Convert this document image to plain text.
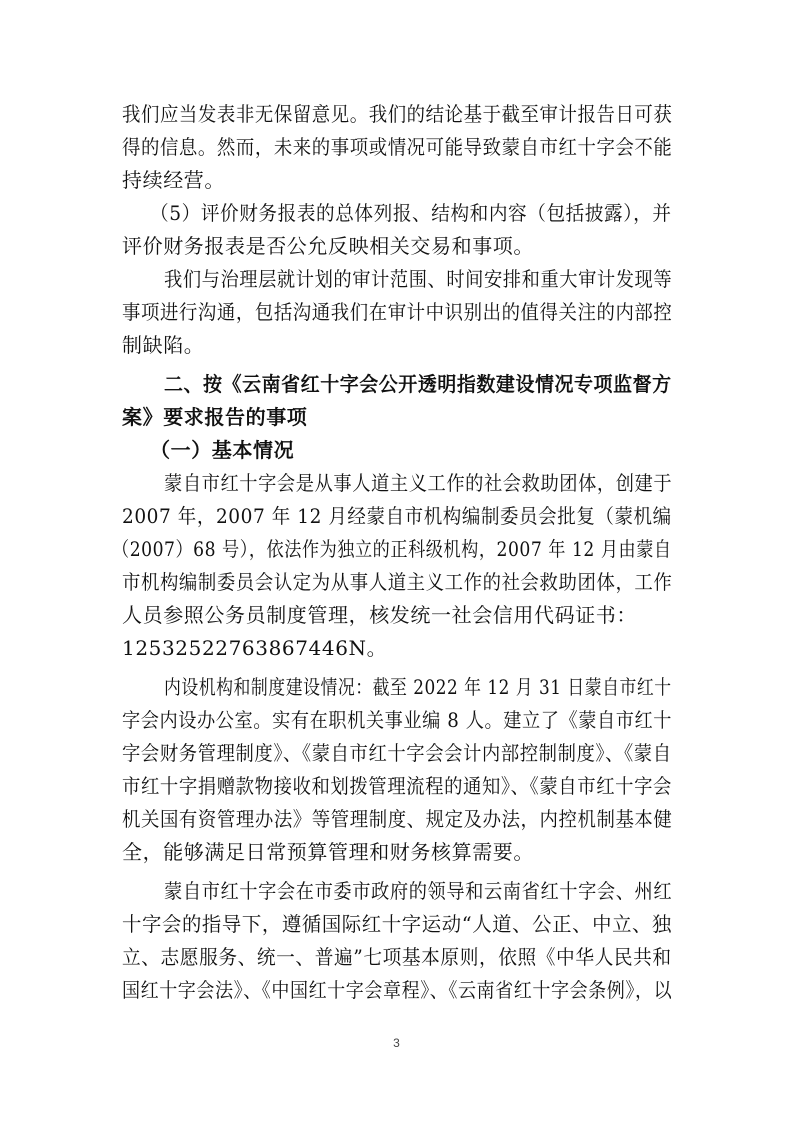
我们应当发表非无保留意见。我们的结论基于截至审计报告日可获
得的信息。然而，未来的事项或情况可能导致蒙自市红十字会不能
持续经营。
（5）评价财务报表的总体列报、结构和内容（包括披露），并
评价财务报表是否公允反映相关交易和事项。
我们与治理层就计划的审计范围、时间安排和重大审计发现等
事项进行沟通，包括沟通我们在审计中识别出的值得关注的内部控
制缺陷。
二、按《云南省红十字会公开透明指数建设情况专项监督方
案》要求报告的事项
（一）基本情况
蒙自市红十字会是从事人道主义工作的社会救助团体，创建于
2007 年，2007 年 12 月经蒙自市机构编制委员会批复（蒙机编
（2007）68 号），依法作为独立的正科级机构，2007 年 12 月由蒙自
市机构编制委员会认定为从事人道主义工作的社会救助团体，工作
人员参照公务员制度管理，核发统一社会信用代码证书：
12532522763867446N。
内设机构和制度建设情况：截至 2022 年 12 月 31 日蒙自市红十
字会内设办公室。实有在职机关事业编 8 人。建立了《蒙自市红十
字会财务管理制度》、《蒙自市红十字会会计内部控制制度》、《蒙自
市红十字捐赠款物接收和划拨管理流程的通知》、《蒙自市红十字会
机关国有资管理办法》等管理制度、规定及办法，内控机制基本健
全，能够满足日常预算管理和财务核算需要。
蒙自市红十字会在市委市政府的领导和云南省红十字会、州红
十字会的指导下，遵循国际红十字运动“人道、公正、中立、独
立、志愿服务、统一、普遍”七项基本原则，依照《中华人民共和
国红十字会法》、《中国红十字会章程》、《云南省红十字会条例》，以
3
